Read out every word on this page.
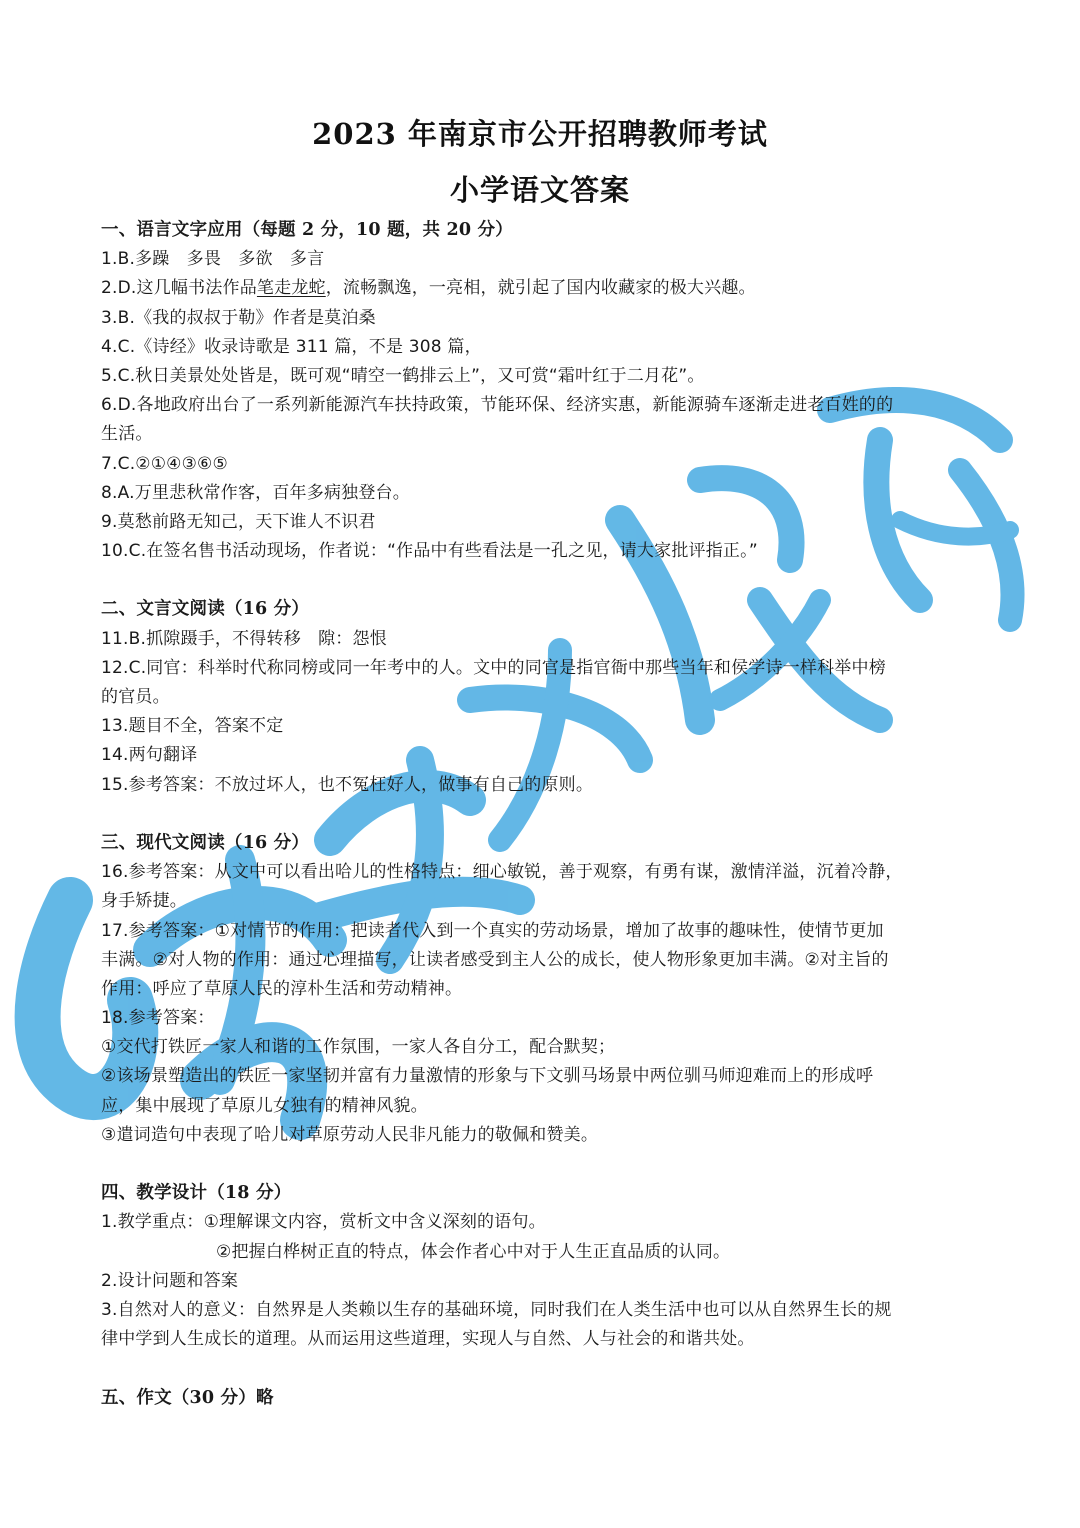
2023 年南京市公开招聘教师考试
小学语文答案
一、语言文字应用（每题 2 分，10 题，共 20 分）
1.B.多躁　多畏　多欲　多言
2.D.这几幅书法作品笔走龙蛇，流畅飘逸，一亮相，就引起了国内收藏家的极大兴趣。
3.B.《我的叔叔于勒》作者是莫泊桑
4.C.《诗经》收录诗歌是 311 篇，不是 308 篇，
5.C.秋日美景处处皆是，既可观“晴空一鹤排云上”，又可赏“霜叶红于二月花”。
6.D.各地政府出台了一系列新能源汽车扶持政策，节能环保、经济实惠，新能源骑车逐渐走进老百姓的的
生活。
7.C.②①④③⑥⑤
8.A.万里悲秋常作客，百年多病独登台。
9.莫愁前路无知己，天下谁人不识君
10.C.在签名售书活动现场，作者说：“作品中有些看法是一孔之见，请大家批评指正。”
二、文言文阅读（16 分）
11.B.抓隙蹑手，不得转移　隙：怨恨
12.C.同官：科举时代称同榜或同一年考中的人。文中的同官是指官衙中那些当年和侯学诗一样科举中榜
的官员。
13.题目不全，答案不定
14.两句翻译
15.参考答案：不放过坏人，也不冤枉好人，做事有自己的原则。
三、现代文阅读（16 分）
16.参考答案：从文中可以看出哈儿的性格特点：细心敏锐，善于观察，有勇有谋，激情洋溢，沉着冷静，
身手矫捷。
17.参考答案：①对情节的作用：把读者代入到一个真实的劳动场景，增加了故事的趣味性，使情节更加
丰满。②对人物的作用：通过心理描写，让读者感受到主人公的成长，使人物形象更加丰满。②对主旨的
作用：呼应了草原人民的淳朴生活和劳动精神。
18.参考答案：
①交代打铁匠一家人和谐的工作氛围，一家人各自分工，配合默契；
②该场景塑造出的铁匠一家坚韧并富有力量激情的形象与下文驯马场景中两位驯马师迎难而上的形成呼
应，集中展现了草原儿女独有的精神风貌。
③遣词造句中表现了哈儿对草原劳动人民非凡能力的敬佩和赞美。
四、教学设计（18 分）
1.教学重点：①理解课文内容，赏析文中含义深刻的语句。
②把握白桦树正直的特点，体会作者心中对于人生正直品质的认同。
2.设计问题和答案
3.自然对人的意义：自然界是人类赖以生存的基础环境，同时我们在人类生活中也可以从自然界生长的规
律中学到人生成长的道理。从而运用这些道理，实现人与自然、人与社会的和谐共处。
五、作文（30 分）略
